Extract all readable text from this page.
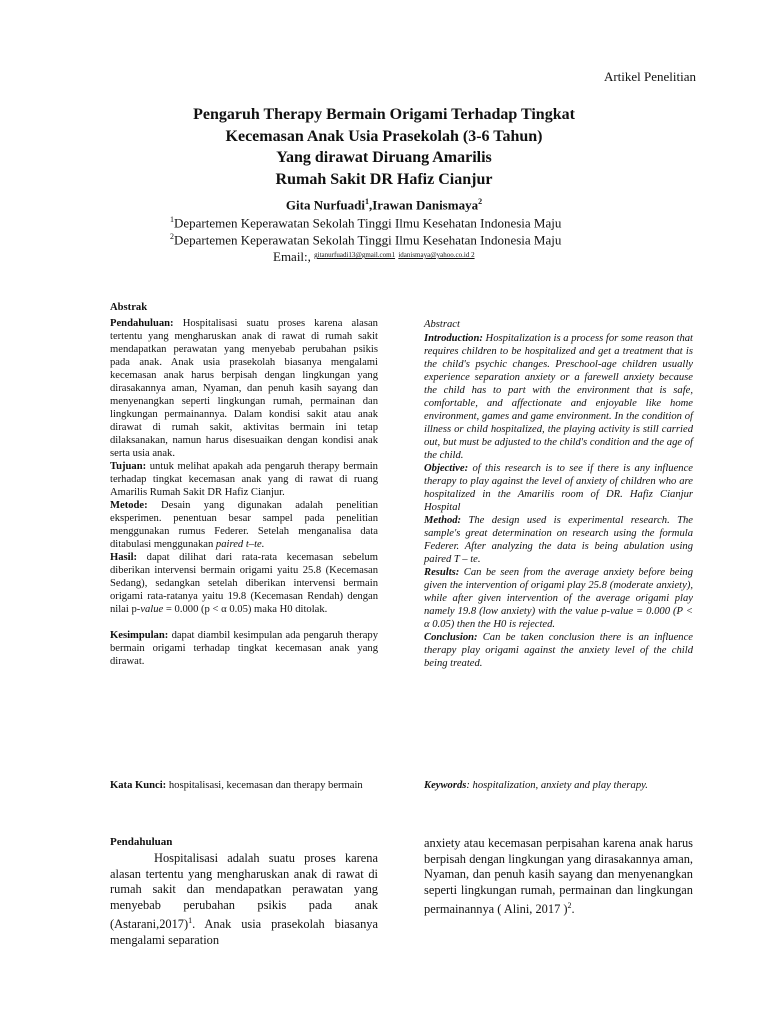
Artikel Penelitian
Pengaruh Therapy Bermain Origami Terhadap Tingkat
Kecemasan Anak Usia Prasekolah (3-6 Tahun)
Yang dirawat Diruang Amarilis
Rumah Sakit DR Hafiz Cianjur
Gita Nurfuadi$^1$,Irawan Danismaya$^2$
$^1$Departemen Keperawatan Sekolah Tinggi Ilmu Kesehatan Indonesia Maju
$^2$Departemen Keperawatan Sekolah Tinggi Ilmu Kesehatan Indonesia Maju
Email:, $^{gitanurfuadi13@gmail.com1}$ $^{idanismaya@yahoo.co.id 2}$
Abstrak

Pendahuluan: Hospitalisasi suatu proses karena alasan tertentu yang mengharuskan anak di rawat di rumah sakit mendapatkan perawatan yang menyebab perubahan psikis pada anak. Anak usia prasekolah biasanya mengalami kecemasan anak harus berpisah dengan lingkungan yang dirasakannya aman, Nyaman, dan penuh kasih sayang dan menyenangkan seperti lingkungan rumah, permainan dan lingkungan permainannya. Dalam kondisi sakit atau anak dirawat di rumah sakit, aktivitas bermain ini tetap dilaksanakan, namun harus disesuaikan dengan kondisi anak serta usia anak.

Tujuan: untuk melihat apakah ada pengaruh therapy bermain terhadap tingkat kecemasan anak yang di rawat di ruang Amarilis Rumah Sakit DR Hafiz Cianjur.

Metode: Desain yang digunakan adalah penelitian eksperimen. penentuan besar sampel pada penelitian menggunakan rumus Federer. Setelah menganalisa data ditabulasi menggunakan paired t–te.

Hasil: dapat dilihat dari rata-rata kecemasan sebelum diberikan intervensi bermain origami yaitu 25.8 (Kecemasan Sedang), sedangkan setelah diberikan intervensi bermain origami rata-ratanya yaitu 19.8 (Kecemasan Rendah) dengan nilai p-value = 0.000 (p < α 0.05) maka H0 ditolak.

Kesimpulan: dapat diambil kesimpulan ada pengaruh therapy bermain origami terhadap tingkat kecemasan anak yang dirawat.

Kata Kunci: hospitalisasi, kecemasan dan therapy bermain

Abstract

Introduction: Hospitalization is a process for some reason that requires children to be hospitalized and get a treatment that is the child's psychic changes. Preschool-age children usually experience separation anxiety or a farewell anxiety because the child has to part with the environment that is safe, comfortable, and affectionate and enjoyable like home environment, games and game environment. In the condition of illness or child hospitalized, the playing activity is still carried out, but must be adjusted to the child's condition and the age of the child.

Objective: of this research is to see if there is any influence therapy to play against the level of anxiety of children who are hospitalized in the Amarilis room of DR. Hafiz Cianjur Hospital

Method: The design used is experimental research. The sample's great determination on research using the formula Federer. After analyzing the data is being abulation using paired T – te.

Results: Can be seen from the average anxiety before being given the intervention of origami play 25.8 (moderate anxiety), while after given intervention of the average origami play namely 19.8 (low anxiety) with the value p-value = 0.000 (P < α 0.05) then the H0 is rejected.

Conclusion: Can be taken conclusion there is an influence therapy play origami against the anxiety level of the child being treated.

Keywords: hospitalization, anxiety and play therapy.

Pendahuluan

Hospitalisasi adalah suatu proses karena alasan tertentu yang mengharuskan anak di rawat di rumah sakit dan mendapatkan perawatan yang menyebab perubahan psikis pada anak (Astarani,2017)$^1$. Anak usia prasekolah biasanya mengalami separation

anxiety atau kecemasan perpisahan karena anak harus berpisah dengan lingkungan yang dirasakannya aman, Nyaman, dan penuh kasih sayang dan menyenangkan seperti lingkungan rumah, permainan dan lingkungan permainannya ( Alini, 2017 )$^2$.
